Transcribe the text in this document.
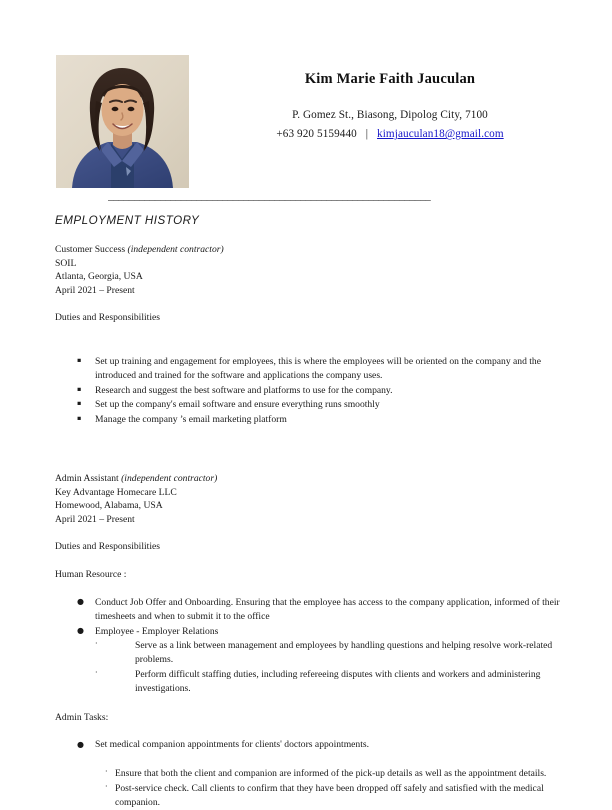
Kim Marie Faith Jauculan
P. Gomez St., Biasong, Dipolog City, 7100
+63 920 5159440 | kimjauculan18@gmail.com
______________________________________________________________
EMPLOYMENT HISTORY
Customer Success (independent contractor)
SOIL
Atlanta, Georgia, USA
April 2021 – Present
Duties and Responsibilities
▪ Set up training and engagement for employees, this is where the employees will be oriented on the company and the introduced and trained for the software and applications the company uses.
▪ Research and suggest the best software and platforms to use for the company.
▪ Set up the company's email software and ensure everything runs smoothly
▪ Manage the company ’s email marketing platform
Admin Assistant (independent contractor)
Key Advantage Homecare LLC
Homewood, Alabama, USA
April 2021 – Present
Duties and Responsibilities
Human Resource :
● Conduct Job Offer and Onboarding. Ensuring that the employee has access to the company application, informed of their timesheets and when to submit it to the office
● Employee - Employer Relations
·	Serve as a link between management and employees by handling questions and helping resolve work-related problems.
·	Perform difficult staffing duties, including refereeing disputes with clients and workers and administering investigations.
Admin Tasks:
● Set medical companion appointments for clients' doctors appointments.
· Ensure that both the client and companion are informed of the pick-up details as well as the appointment details.
· Post-service check. Call clients to confirm that they have been dropped off safely and satisfied with the medical companion.
